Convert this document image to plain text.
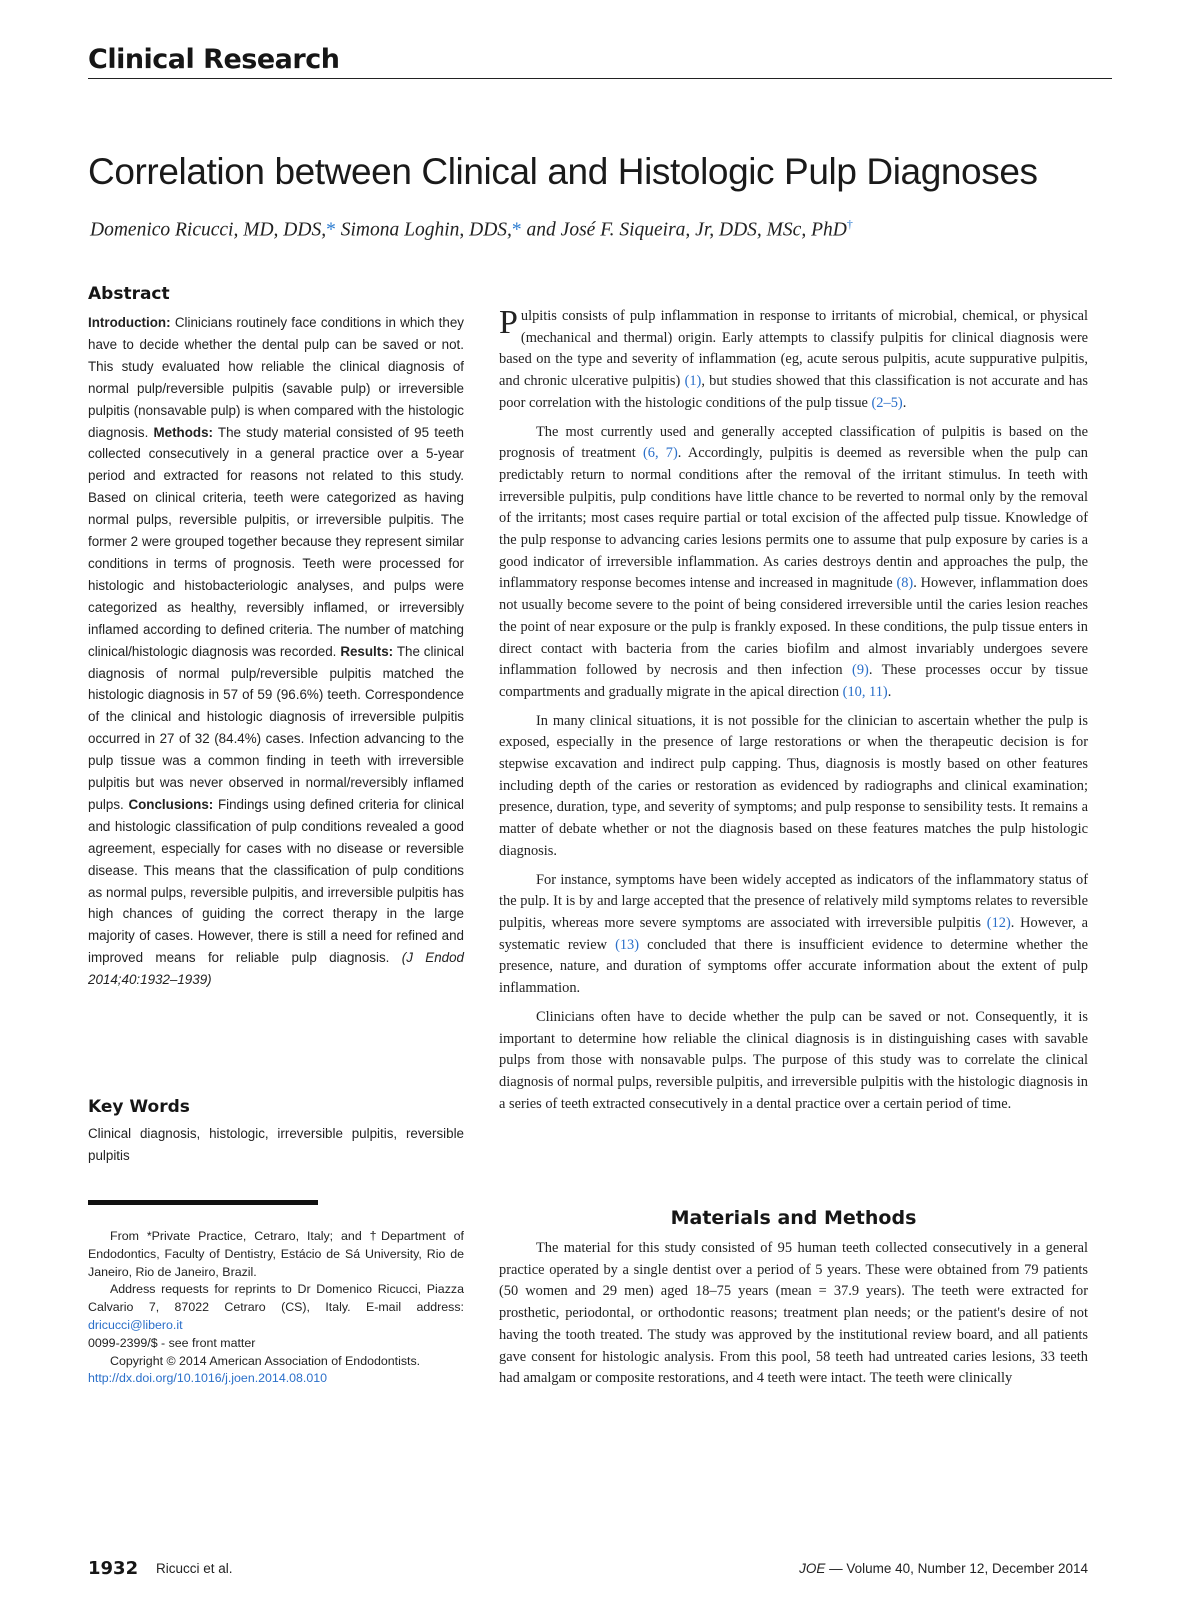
Clinical Research
Correlation between Clinical and Histologic Pulp Diagnoses
Domenico Ricucci, MD, DDS,* Simona Loghin, DDS,* and José F. Siqueira, Jr, DDS, MSc, PhD†
Abstract

Introduction: Clinicians routinely face conditions in which they have to decide whether the dental pulp can be saved or not. This study evaluated how reliable the clinical diagnosis of normal pulp/reversible pulpitis (savable pulp) or irreversible pulpitis (nonsavable pulp) is when compared with the histologic diagnosis. Methods: The study material consisted of 95 teeth collected consecutively in a general practice over a 5-year period and extracted for reasons not related to this study. Based on clinical criteria, teeth were categorized as having normal pulps, reversible pulpitis, or irreversible pulpitis. The former 2 were grouped together because they represent similar conditions in terms of prognosis. Teeth were processed for histologic and histobacteriologic analyses, and pulps were categorized as healthy, reversibly inflamed, or irreversibly inflamed according to defined criteria. The number of matching clinical/histologic diagnosis was recorded. Results: The clinical diagnosis of normal pulp/reversible pulpitis matched the histologic diagnosis in 57 of 59 (96.6%) teeth. Correspondence of the clinical and histologic diagnosis of irreversible pulpitis occurred in 27 of 32 (84.4%) cases. Infection advancing to the pulp tissue was a common finding in teeth with irreversible pulpitis but was never observed in normal/reversibly inflamed pulps. Conclusions: Findings using defined criteria for clinical and histologic classification of pulp conditions revealed a good agreement, especially for cases with no disease or reversible disease. This means that the classification of pulp conditions as normal pulps, reversible pulpitis, and irreversible pulpitis has high chances of guiding the correct therapy in the large majority of cases. However, there is still a need for refined and improved means for reliable pulp diagnosis. (J Endod 2014;40:1932–1939)

Key Words

Clinical diagnosis, histologic, irreversible pulpitis, reversible pulpitis

From *Private Practice, Cetraro, Italy; and †Department of Endodontics, Faculty of Dentistry, Estácio de Sá University, Rio de Janeiro, Rio de Janeiro, Brazil.

Address requests for reprints to Dr Domenico Ricucci, Piazza Calvario 7, 87022 Cetraro (CS), Italy. E-mail address: dricucci@libero.it

0099-2399/$ - see front matter

Copyright © 2014 American Association of Endodontists.

http://dx.doi.org/10.1016/j.joen.2014.08.010

Pulpitis consists of pulp inflammation in response to irritants of microbial, chemical, or physical (mechanical and thermal) origin. Early attempts to classify pulpitis for clinical diagnosis were based on the type and severity of inflammation (eg, acute serous pulpitis, acute suppurative pulpitis, and chronic ulcerative pulpitis) (1), but studies showed that this classification is not accurate and has poor correlation with the histologic conditions of the pulp tissue (2–5).

The most currently used and generally accepted classification of pulpitis is based on the prognosis of treatment (6, 7). Accordingly, pulpitis is deemed as reversible when the pulp can predictably return to normal conditions after the removal of the irritant stimulus. In teeth with irreversible pulpitis, pulp conditions have little chance to be reverted to normal only by the removal of the irritants; most cases require partial or total excision of the affected pulp tissue. Knowledge of the pulp response to advancing caries lesions permits one to assume that pulp exposure by caries is a good indicator of irreversible inflammation. As caries destroys dentin and approaches the pulp, the inflammatory response becomes intense and increased in magnitude (8). However, inflammation does not usually become severe to the point of being considered irreversible until the caries lesion reaches the point of near exposure or the pulp is frankly exposed. In these conditions, the pulp tissue enters in direct contact with bacteria from the caries biofilm and almost invariably undergoes severe inflammation followed by necrosis and then infection (9). These processes occur by tissue compartments and gradually migrate in the apical direction (10, 11).

In many clinical situations, it is not possible for the clinician to ascertain whether the pulp is exposed, especially in the presence of large restorations or when the therapeutic decision is for stepwise excavation and indirect pulp capping. Thus, diagnosis is mostly based on other features including depth of the caries or restoration as evidenced by radiographs and clinical examination; presence, duration, type, and severity of symptoms; and pulp response to sensibility tests. It remains a matter of debate whether or not the diagnosis based on these features matches the pulp histologic diagnosis.

For instance, symptoms have been widely accepted as indicators of the inflammatory status of the pulp. It is by and large accepted that the presence of relatively mild symptoms relates to reversible pulpitis, whereas more severe symptoms are associated with irreversible pulpitis (12). However, a systematic review (13) concluded that there is insufficient evidence to determine whether the presence, nature, and duration of symptoms offer accurate information about the extent of pulp inflammation.

Clinicians often have to decide whether the pulp can be saved or not. Consequently, it is important to determine how reliable the clinical diagnosis is in distinguishing cases with savable pulps from those with nonsavable pulps. The purpose of this study was to correlate the clinical diagnosis of normal pulps, reversible pulpitis, and irreversible pulpitis with the histologic diagnosis in a series of teeth extracted consecutively in a dental practice over a certain period of time.

Materials and Methods

The material for this study consisted of 95 human teeth collected consecutively in a general practice operated by a single dentist over a period of 5 years. These were obtained from 79 patients (50 women and 29 men) aged 18–75 years (mean = 37.9 years). The teeth were extracted for prosthetic, periodontal, or orthodontic reasons; treatment plan needs; or the patient's desire of not having the tooth treated. The study was approved by the institutional review board, and all patients gave consent for histologic analysis. From this pool, 58 teeth had untreated caries lesions, 33 teeth had amalgam or composite restorations, and 4 teeth were intact. The teeth were clinically

1932 Ricucci et al.	JOE — Volume 40, Number 12, December 2014
